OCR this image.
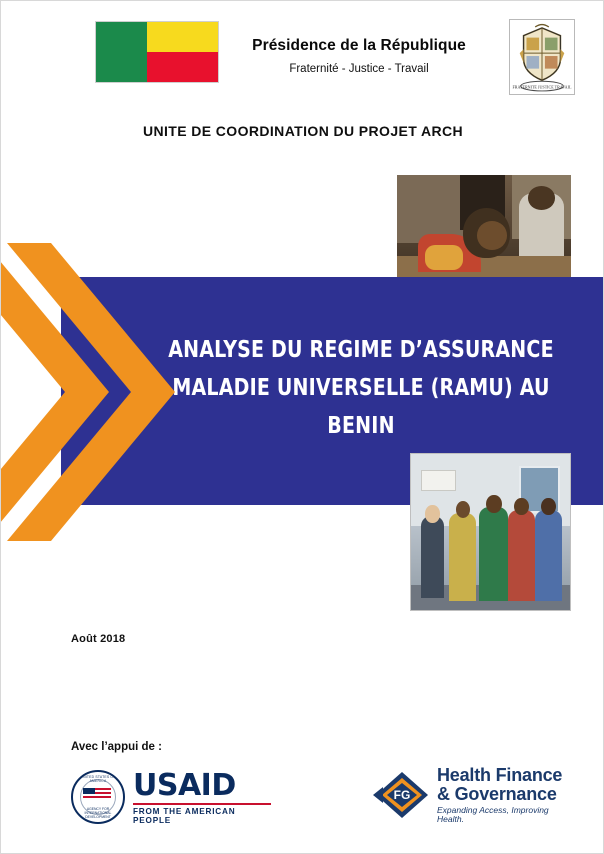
Présidence de la République
Fraternité - Justice - Travail
FRATERNITE JUSTICE TRAVAIL
UNITE DE COORDINATION DU PROJET ARCH
ANALYSE DU REGIME D’ASSURANCE
MALADIE UNIVERSELLE (RAMU) AU
BENIN
Août 2018
Avec l’appui de :
UNITED STATES OF AMERICA
AGENCY FOR INTERNATIONAL DEVELOPMENT
USAID
FROM THE AMERICAN PEOPLE
FG
Health Finance
& Governance
Expanding Access, Improving Health.
